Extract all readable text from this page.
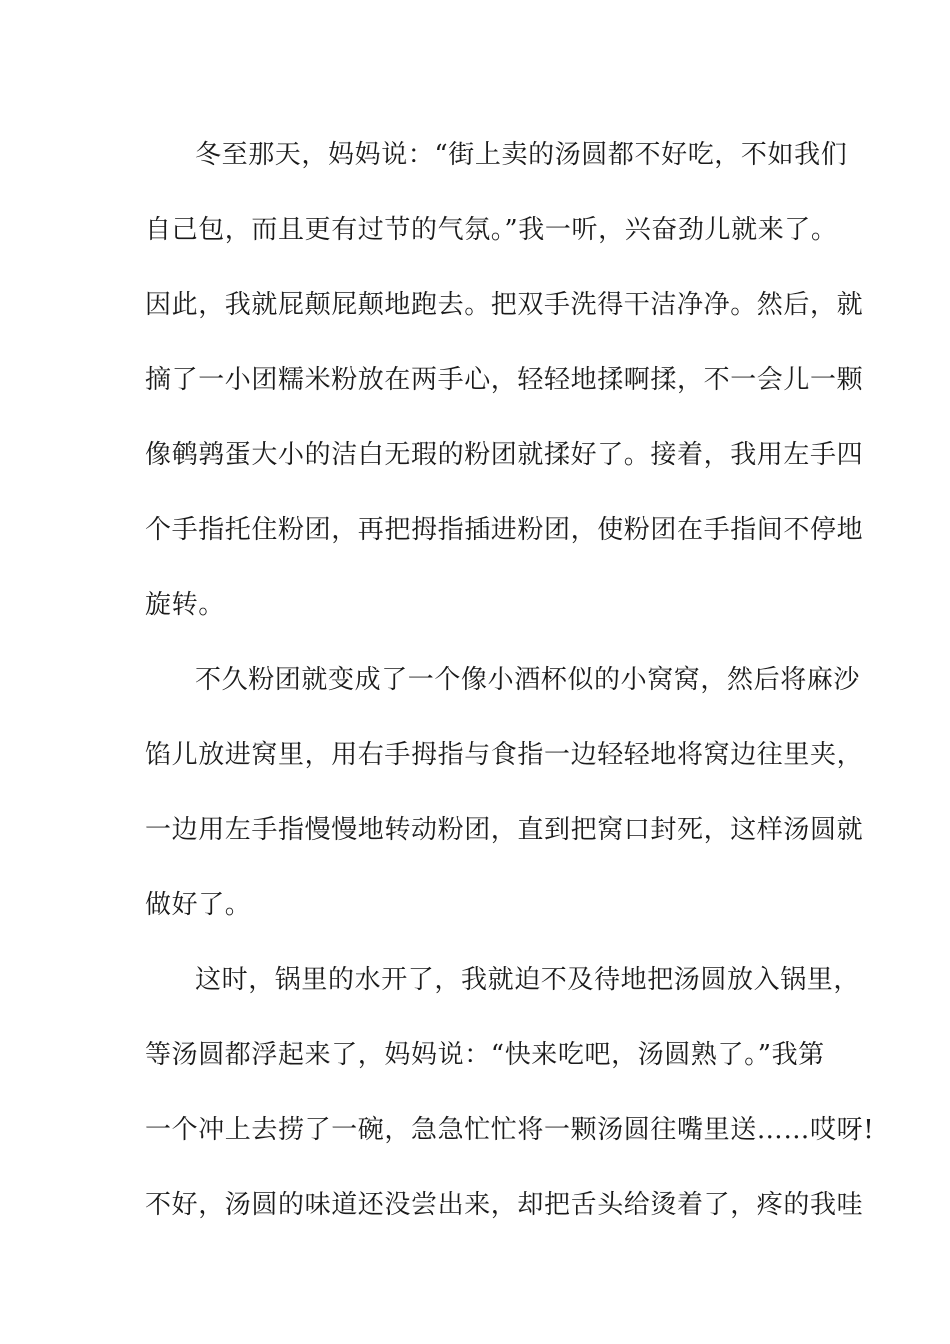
冬至那天，妈妈说：“街上卖的汤圆都不好吃，不如我们
自己包，而且更有过节的气氛。”我一听，兴奋劲儿就来了。
因此，我就屁颠屁颠地跑去。把双手洗得干洁净净。然后，就
摘了一小团糯米粉放在两手心，轻轻地揉啊揉，不一会儿一颗
像鹌鹑蛋大小的洁白无瑕的粉团就揉好了。接着，我用左手四
个手指托住粉团，再把拇指插进粉团，使粉团在手指间不停地
旋转。
不久粉团就变成了一个像小酒杯似的小窝窝，然后将麻沙
馅儿放进窝里，用右手拇指与食指一边轻轻地将窝边往里夹，
一边用左手指慢慢地转动粉团，直到把窝口封死，这样汤圆就
做好了。
这时，锅里的水开了，我就迫不及待地把汤圆放入锅里，
等汤圆都浮起来了，妈妈说：“快来吃吧，汤圆熟了。”我第
一个冲上去捞了一碗，急急忙忙将一颗汤圆往嘴里送……哎呀!
不好，汤圆的味道还没尝出来，却把舌头给烫着了，疼的我哇
